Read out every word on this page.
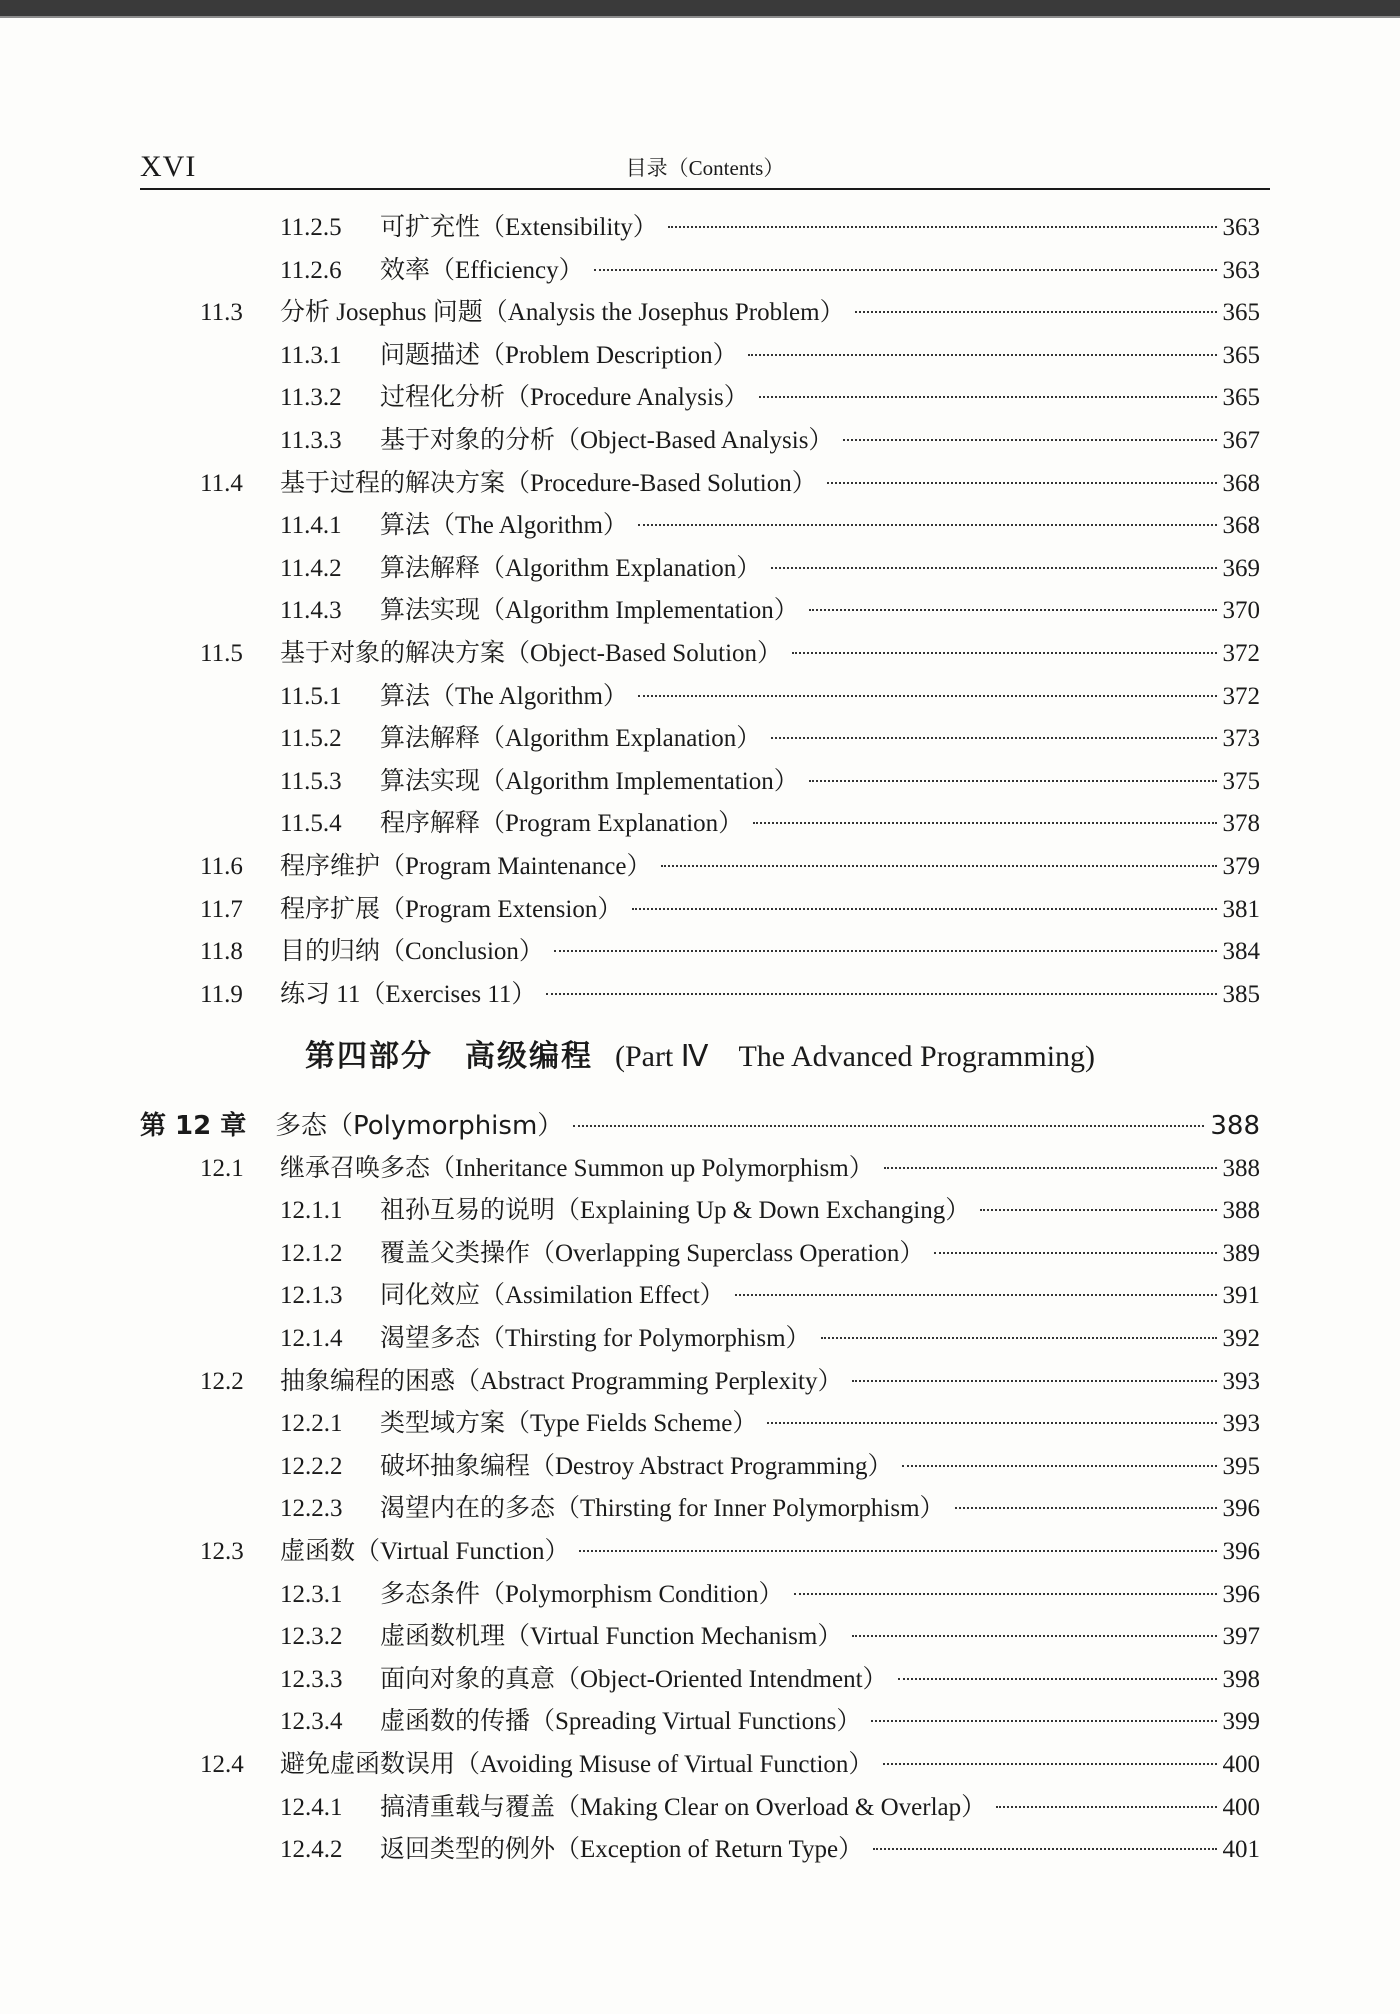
XVI	目录（Contents）
第四部分　高级编程 (Part Ⅳ　The Advanced Programming)
11.2.5 可扩充性（Extensibility）	363
11.2.6 效率（Efficiency）	363
11.3 分析 Josephus 问题（Analysis the Josephus Problem）	365
11.3.1 问题描述（Problem Description）	365
11.3.2 过程化分析（Procedure Analysis）	365
11.3.3 基于对象的分析（Object-Based Analysis）	367
11.4 基于过程的解决方案（Procedure-Based Solution）	368
11.4.1 算法（The Algorithm）	368
11.4.2 算法解释（Algorithm Explanation）	369
11.4.3 算法实现（Algorithm Implementation）	370
11.5 基于对象的解决方案（Object-Based Solution）	372
11.5.1 算法（The Algorithm）	372
11.5.2 算法解释（Algorithm Explanation）	373
11.5.3 算法实现（Algorithm Implementation）	375
11.5.4 程序解释（Program Explanation）	378
11.6 程序维护（Program Maintenance）	379
11.7 程序扩展（Program Extension）	381
11.8 目的归纳（Conclusion）	384
11.9 练习 11（Exercises 11）	385
第 12 章 多态（Polymorphism）	388
12.1 继承召唤多态（Inheritance Summon up Polymorphism）	388
12.1.1 祖孙互易的说明（Explaining Up & Down Exchanging）	388
12.1.2 覆盖父类操作（Overlapping Superclass Operation）	389
12.1.3 同化效应（Assimilation Effect）	391
12.1.4 渴望多态（Thirsting for Polymorphism）	392
12.2 抽象编程的困惑（Abstract Programming Perplexity）	393
12.2.1 类型域方案（Type Fields Scheme）	393
12.2.2 破坏抽象编程（Destroy Abstract Programming）	395
12.2.3 渴望内在的多态（Thirsting for Inner Polymorphism）	396
12.3 虚函数（Virtual Function）	396
12.3.1 多态条件（Polymorphism Condition）	396
12.3.2 虚函数机理（Virtual Function Mechanism）	397
12.3.3 面向对象的真意（Object-Oriented Intendment）	398
12.3.4 虚函数的传播（Spreading Virtual Functions）	399
12.4 避免虚函数误用（Avoiding Misuse of Virtual Function）	400
12.4.1 搞清重载与覆盖（Making Clear on Overload & Overlap）	400
12.4.2 返回类型的例外（Exception of Return Type）	401
